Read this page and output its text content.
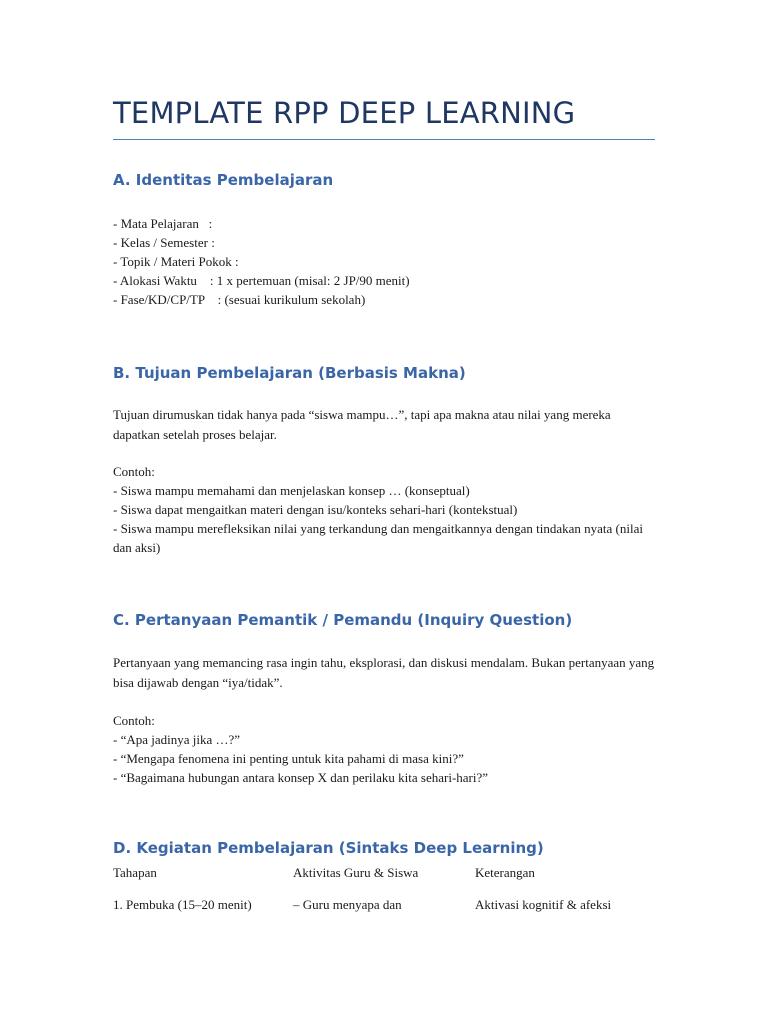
TEMPLATE RPP DEEP LEARNING
A. Identitas Pembelajaran
- Mata Pelajaran   :
- Kelas / Semester :
- Topik / Materi Pokok :
- Alokasi Waktu    : 1 x pertemuan (misal: 2 JP/90 menit)
- Fase/KD/CP/TP    : (sesuai kurikulum sekolah)
B. Tujuan Pembelajaran (Berbasis Makna)

Tujuan dirumuskan tidak hanya pada “siswa mampu…”, tapi apa makna atau nilai yang mereka dapatkan setelah proses belajar.

Contoh:
- Siswa mampu memahami dan menjelaskan konsep … (konseptual)
- Siswa dapat mengaitkan materi dengan isu/konteks sehari-hari (kontekstual)
- Siswa mampu merefleksikan nilai yang terkandung dan mengaitkannya dengan tindakan nyata (nilai dan aksi)
C. Pertanyaan Pemantik / Pemandu (Inquiry Question)

Pertanyaan yang memancing rasa ingin tahu, eksplorasi, dan diskusi mendalam. Bukan pertanyaan yang bisa dijawab dengan “iya/tidak”.

Contoh:
- “Apa jadinya jika …?”
- “Mengapa fenomena ini penting untuk kita pahami di masa kini?”
- “Bagaimana hubungan antara konsep X dan perilaku kita sehari-hari?”
D. Kegiatan Pembelajaran (Sintaks Deep Learning)
Tahapan	Aktivitas Guru & Siswa	Keterangan
1. Pembuka (15–20 menit)	– Guru menyapa dan	Aktivasi kognitif & afeksi
